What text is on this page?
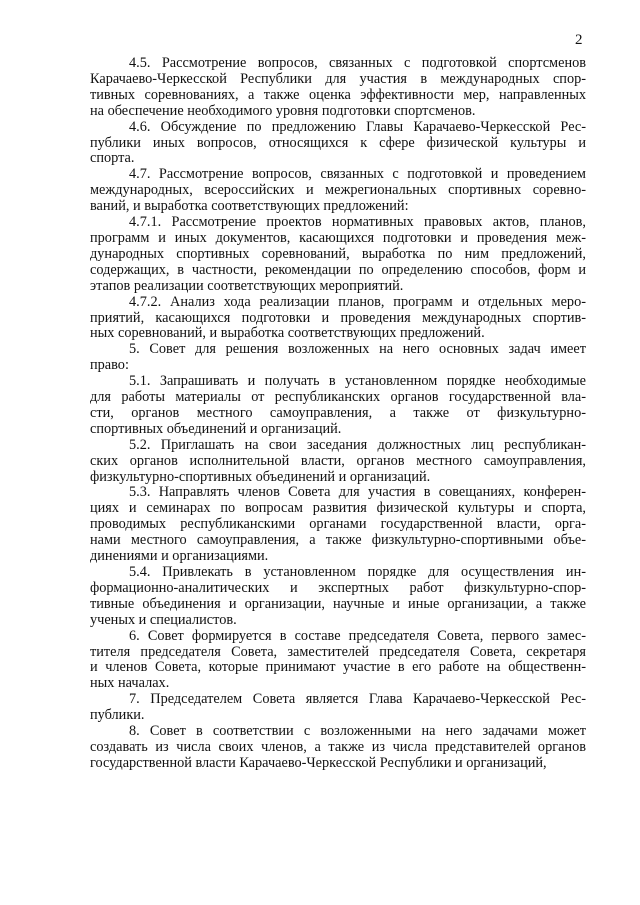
2
4.5. Рассмотрение вопросов, связанных с подготовкой спортсменов
Карачаево-Черкесской Республики для участия в международных спор-
тивных соревнованиях, а также оценка эффективности мер, направленных
на обеспечение необходимого уровня подготовки спортсменов.
4.6. Обсуждение по предложению Главы Карачаево-Черкесской Рес-
публики иных вопросов, относящихся к сфере физической культуры и
спорта.
4.7. Рассмотрение вопросов, связанных с подготовкой и проведением
международных, всероссийских и межрегиональных спортивных соревно-
ваний, и выработка соответствующих предложений:
4.7.1. Рассмотрение проектов нормативных правовых актов, планов,
программ и иных документов, касающихся подготовки и проведения меж-
дународных спортивных соревнований, выработка по ним предложений,
содержащих, в частности, рекомендации по определению способов, форм и
этапов реализации соответствующих мероприятий.
4.7.2. Анализ хода реализации планов, программ и отдельных меро-
приятий, касающихся подготовки и проведения международных спортив-
ных соревнований, и выработка соответствующих предложений.
5. Совет для решения возложенных на него основных задач имеет
право:
5.1. Запрашивать и получать в установленном порядке необходимые
для работы материалы от республиканских органов государственной вла-
сти, органов местного самоуправления, а также от физкультурно-
спортивных объединений и организаций.
5.2. Приглашать на свои заседания должностных лиц республикан-
ских органов исполнительной власти, органов местного самоуправления,
физкультурно-спортивных объединений и организаций.
5.3. Направлять членов Совета для участия в совещаниях, конферен-
циях и семинарах по вопросам развития физической культуры и спорта,
проводимых республиканскими органами государственной власти, орга-
нами местного самоуправления, а также физкультурно-спортивными объе-
динениями и организациями.
5.4. Привлекать в установленном порядке для осуществления ин-
формационно-аналитических и экспертных работ физкультурно-спор-
тивные объединения и организации, научные и иные организации, а также
ученых и специалистов.
6. Совет формируется в составе председателя Совета, первого замес-
тителя председателя Совета, заместителей председателя Совета, секретаря
и членов Совета, которые принимают участие в его работе на общественн-
ных началах.
7. Председателем Совета является Глава Карачаево-Черкесской Рес-
публики.
8. Совет в соответствии с возложенными на него задачами может
создавать из числа своих членов, а также из числа представителей органов
государственной власти Карачаево-Черкесской Республики и организаций,
